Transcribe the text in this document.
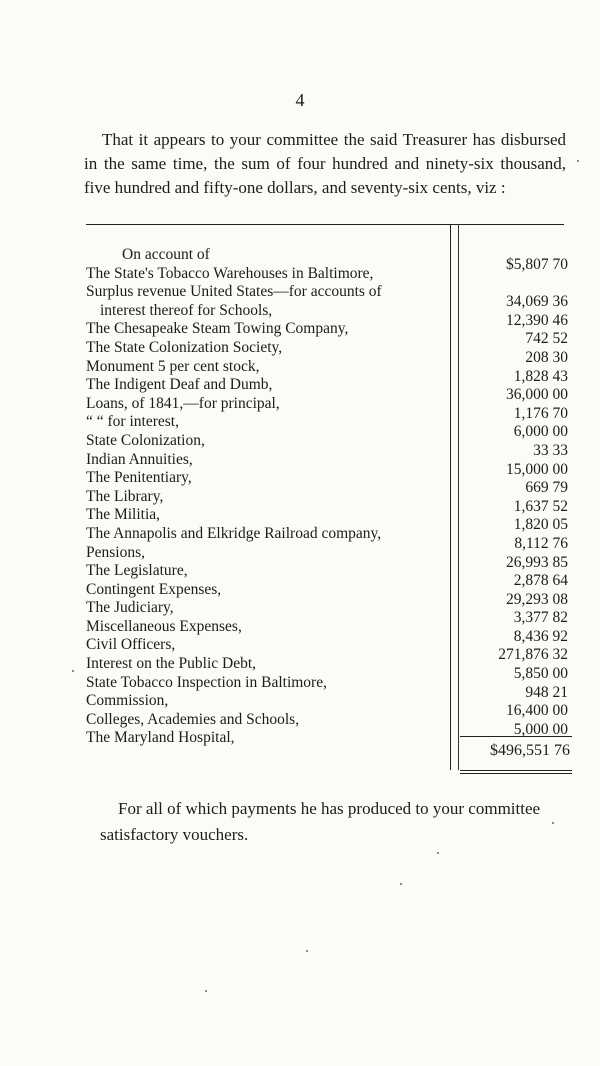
4

That it appears to your committee the said Treasurer has disbursed in the same time, the sum of four hundred and ninety-six thousand, five hundred and fifty-one dollars, and seventy-six cents, viz :

On account of
The State's Tobacco Warehouses in Baltimore,
Surplus revenue United States—for accounts of
interest thereof for Schools,
The Chesapeake Steam Towing Company,
The State Colonization Society,
Monument 5 per cent stock,
The Indigent Deaf and Dumb,
Loans, of 1841,—for principal,
“ “ for interest,
State Colonization,
Indian Annuities,
The Penitentiary,
The Library,
The Militia,
The Annapolis and Elkridge Railroad company,
Pensions,
The Legislature,
Contingent Expenses,
The Judiciary,
Miscellaneous Expenses,
Civil Officers,
Interest on the Public Debt,
State Tobacco Inspection in Baltimore,
Commission,
Colleges, Academies and Schools,
The Maryland Hospital,
$5,807 70

34,069 36
12,390 46
742 52
208 30
1,828 43
36,000 00
1,176 70
6,000 00
33 33
15,000 00
669 79
1,637 52
1,820 05
8,112 76
26,993 85
2,878 64
29,293 08
3,377 82
8,436 92
271,876 32
5,850 00
948 21
16,400 00
5,000 00
$496,551 76

For all of which payments he has produced to your committee satisfactory vouchers.
